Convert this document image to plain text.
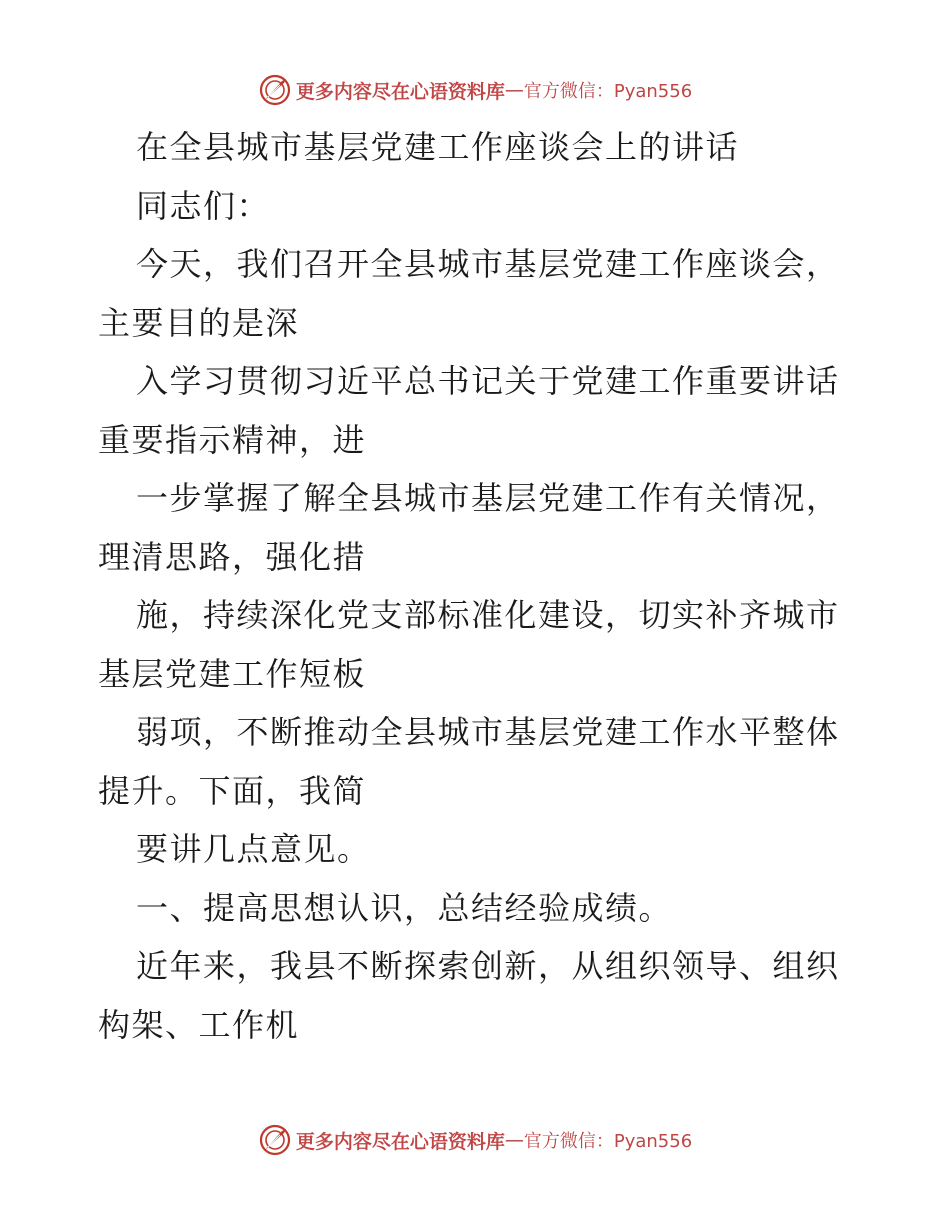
更多内容尽在心语资料库 — 官方微信：Pyan556
在全县城市基层党建工作座谈会上的讲话
同志们：
今天，我们召开全县城市基层党建工作座谈会，
主要目的是深
入学习贯彻习近平总书记关于党建工作重要讲话
重要指示精神，进
一步掌握了解全县城市基层党建工作有关情况，
理清思路，强化措
施，持续深化党支部标准化建设，切实补齐城市
基层党建工作短板
弱项，不断推动全县城市基层党建工作水平整体
提升。下面，我简
要讲几点意见。
一、提高思想认识，总结经验成绩。
近年来，我县不断探索创新，从组织领导、组织
构架、工作机
更多内容尽在心语资料库 — 官方微信：Pyan556
